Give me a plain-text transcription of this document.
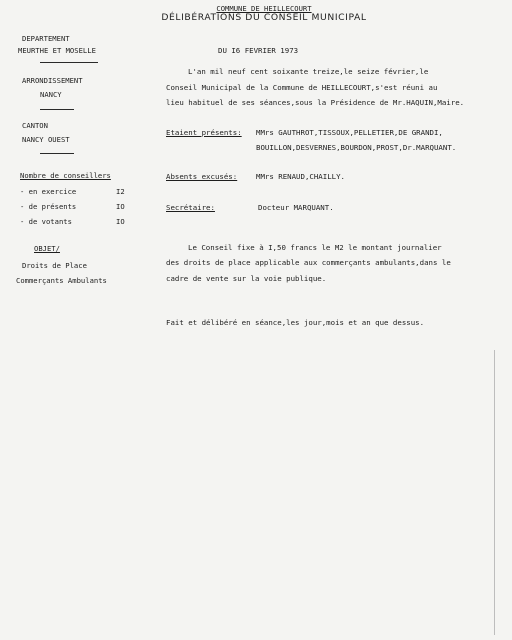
COMMUNE DE HEILLECOURT
DÉLIBÉRATIONS DU CONSEIL MUNICIPAL
DEPARTEMENT
MEURTHE ET MOSELLE
ARRONDISSEMENT
NANCY
CANTON
NANCY OUEST
Nombre de conseillers
- en exercice	I2
- de présents	IO
- de votants	IO
OBJET/
Droits de Place
Commerçants Ambulants
DU I6 FEVRIER 1973
L'an mil neuf cent soixante treize,le seize février,le
Conseil Municipal de la Commune de HEILLECOURT,s'est réuni au
lieu habituel de ses séances,sous la Présidence de Mr.HAQUIN,Maire.
Etaient présents: MMrs GAUTHROT,TISSOUX,PELLETIER,DE GRANDI,
BOUILLON,DESVERNES,BOURDON,PROST,Dr.MARQUANT.
Absents excusés:	MMrs RENAUD,CHAILLY.
Secrétaire:	Docteur MARQUANT.
Le Conseil fixe à I,50 francs le M2 le montant journalier
des droits de place applicable aux commerçants ambulants,dans le
cadre de vente sur la voie publique.
Fait et délibéré en séance,les jour,mois et an que dessus.
